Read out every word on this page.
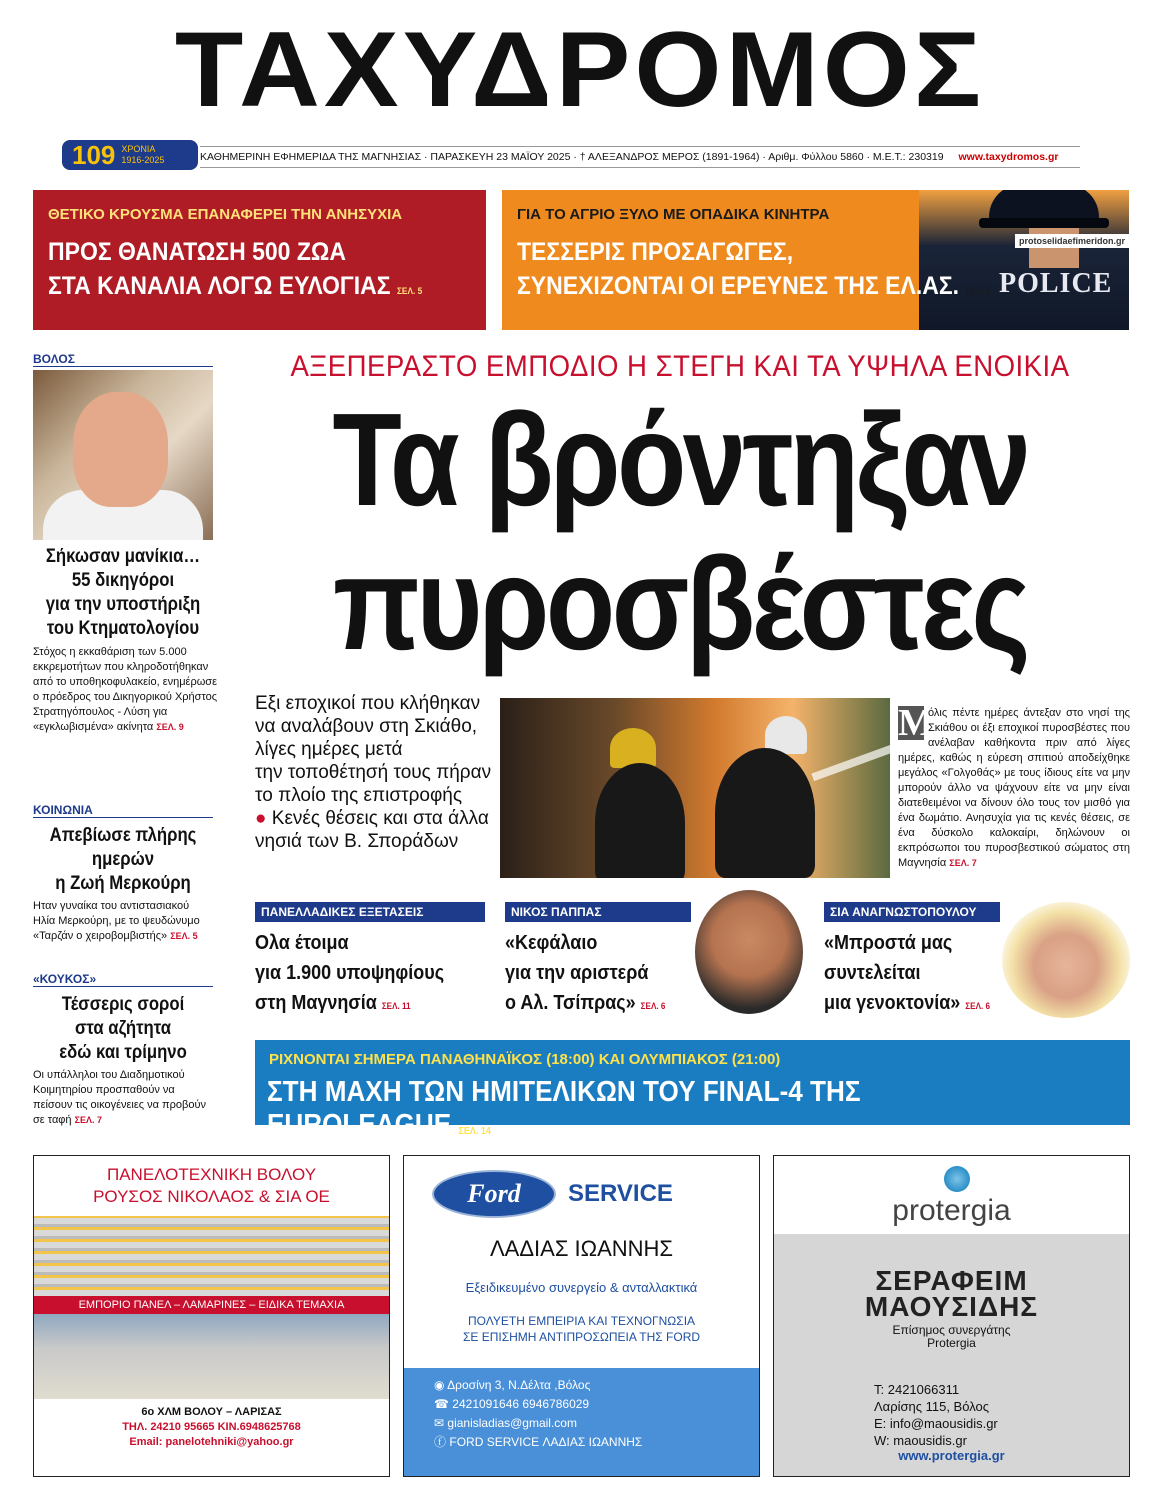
ΤΑΧΥΔΡΟΜΟΣ
109 ΧΡΟΝΙΑ
1916-2025	ΚΑΘΗΜΕΡΙΝΗ ΕΦΗΜΕΡΙΔΑ ΤΗΣ ΜΑΓΝΗΣΙΑΣ · ΠΑΡΑΣΚΕΥΗ 23 ΜΑΪΟΥ 2025 · † ΑΛΕΞΑΝΔΡΟΣ ΜΕΡΟΣ (1891-1964) · Αριθμ. Φύλλου 5860 · Μ.Ε.Τ.: 230319 www.taxydromos.gr
ΘΕΤΙΚΟ ΚΡΟΥΣΜΑ ΕΠΑΝΑΦΕΡΕΙ ΤΗΝ ΑΝΗΣΥΧΙΑ
ΠΡΟΣ ΘΑΝΑΤΩΣΗ 500 ΖΩΑ
ΣΤΑ ΚΑΝΑΛΙΑ ΛΟΓΩ ΕΥΛΟΓΙΑΣ ΣΕΛ. 5	POLICE
protoselidaefimeridon.gr
ΓΙΑ ΤΟ ΑΓΡΙΟ ΞΥΛΟ ΜΕ ΟΠΑΔΙΚΑ ΚΙΝΗΤΡΑ
ΤΕΣΣΕΡΙΣ ΠΡΟΣΑΓΩΓΕΣ,
ΣΥΝΕΧΙΖΟΝΤΑΙ ΟΙ ΕΡΕΥΝΕΣ ΤΗΣ ΕΛ.ΑΣ. ΣΕΛ. 5
ΒΟΛΟΣ
Σήκωσαν μανίκια…
55 δικηγόροι
για την υποστήριξη
του Κτηματολογίου
Στόχος η εκκαθάριση των 5.000 εκκρεμοτήτων που κληροδοτήθηκαν από το υποθηκοφυλακείο, ενημέρωσε ο πρόεδρος του Δικηγορικού Χρήστος Στρατηγόπουλος - Λύση για «εγκλωβισμένα» ακίνητα ΣΕΛ. 9
ΚΟΙΝΩΝΙΑ
Απεβίωσε πλήρης
ημερών
η Ζωή Μερκούρη
Ηταν γυναίκα του αντιστασιακού Ηλία Μερκούρη, με το ψευδώνυμο «Ταρζάν ο χειροβομβιστής» ΣΕΛ. 5
«ΚΟΥΚΟΣ»
Τέσσερις σοροί
στα αζήτητα
εδώ και τρίμηνο
Οι υπάλληλοι του Διαδημοτικού Κοιμητηρίου προσπαθούν να πείσουν τις οικογένειες να προβούν σε ταφή ΣΕΛ. 7
ΑΞΕΠΕΡΑΣΤΟ ΕΜΠΟΔΙΟ Η ΣΤΕΓΗ ΚΑΙ ΤΑ ΥΨΗΛΑ ΕΝΟΙΚΙΑ
Τα βρόντηξαν
πυροσβέστες
Εξι εποχικοί που κλήθηκαν
να αναλάβουν στη Σκιάθο,
λίγες ημέρες μετά
την τοποθέτησή τους πήραν
το πλοίο της επιστροφής
● Κενές θέσεις και στα άλλα
νησιά των Β. Σποράδων
Μ
όλις πέντε ημέρες άντεξαν στο νησί της Σκιάθου οι έξι εποχικοί πυροσβέστες που ανέλαβαν καθήκοντα πριν από λίγες ημέρες, καθώς η εύρεση σπιτιού αποδείχθηκε μεγάλος «Γολγοθάς» με τους ίδιους είτε να μην μπορούν άλλο να ψάχνουν είτε να μην είναι διατεθειμένοι να δίνουν όλο τους τον μισθό για ένα δωμάτιο. Ανησυχία για τις κενές θέσεις, σε ένα δύσκολο καλοκαίρι, δηλώνουν οι εκπρόσωποι του πυροσβεστικού σώματος στη Μαγνησία ΣΕΛ. 7
ΠΑΝΕΛΛΑΔΙΚΕΣ ΕΞΕΤΑΣΕΙΣ
Ολα έτοιμα
για 1.900 υποψηφίους
στη Μαγνησία ΣΕΛ. 11
ΝΙΚΟΣ ΠΑΠΠΑΣ
«Κεφάλαιο
για την αριστερά
ο Αλ. Τσίπρας» ΣΕΛ. 6
ΣΙΑ ΑΝΑΓΝΩΣΤΟΠΟΥΛΟΥ
«Μπροστά μας
συντελείται
μια γενοκτονία» ΣΕΛ. 6
ΡΙΧΝΟΝΤΑΙ ΣΗΜΕΡΑ ΠΑΝΑΘΗΝΑΪΚΟΣ (18:00) ΚΑΙ ΟΛΥΜΠΙΑΚΟΣ (21:00)
ΣΤΗ ΜΑΧΗ ΤΩΝ ΗΜΙΤΕΛΙΚΩΝ ΤΟΥ FINAL-4 ΤΗΣ EUROLEAGUE ΣΕΛ. 14
ΠΑΝΕΛΟΤΕΧΝΙΚΗ ΒΟΛΟΥ
ΡΟΥΣΟΣ ΝΙΚΟΛΑΟΣ & ΣΙΑ ΟΕ
ΕΜΠΟΡΙΟ ΠΑΝΕΛ – ΛΑΜΑΡΙΝΕΣ – ΕΙΔΙΚΑ ΤΕΜΑΧΙΑ
6ο ΧΛΜ ΒΟΛΟΥ – ΛΑΡΙΣΑΣ
ΤΗΛ. 24210 95665 ΚΙΝ.6948625768
Email: panelotehniki@yahoo.gr
Ford	SERVICE
ΛΑΔΙΑΣ ΙΩΑΝΝΗΣ
Εξειδικευμένο συνεργείο & ανταλλακτικά
ΠΟΛΥΕΤΗ ΕΜΠΕΙΡΙΑ ΚΑΙ ΤΕΧΝΟΓΝΩΣΙΑ
ΣΕ ΕΠΙΣΗΜΗ ΑΝΤΙΠΡΟΣΩΠΕΙΑ ΤΗΣ FORD
◉ Δροσίνη 3, Ν.Δέλτα ,Βόλος
☎ 2421091646 6946786029
✉ gianisladias@gmail.com
ⓕ FORD SERVICE ΛΑΔΙΑΣ ΙΩΑΝΝΗΣ
protergia
ΣΕΡΑΦΕΙΜ
ΜΑΟΥΣΙΔΗΣ
Επίσημος συνεργάτης
Protergia
Τ: 2421066311
Λαρίσης 115, Βόλος
E: info@maousidis.gr
W: maousidis.gr
www.protergia.gr
